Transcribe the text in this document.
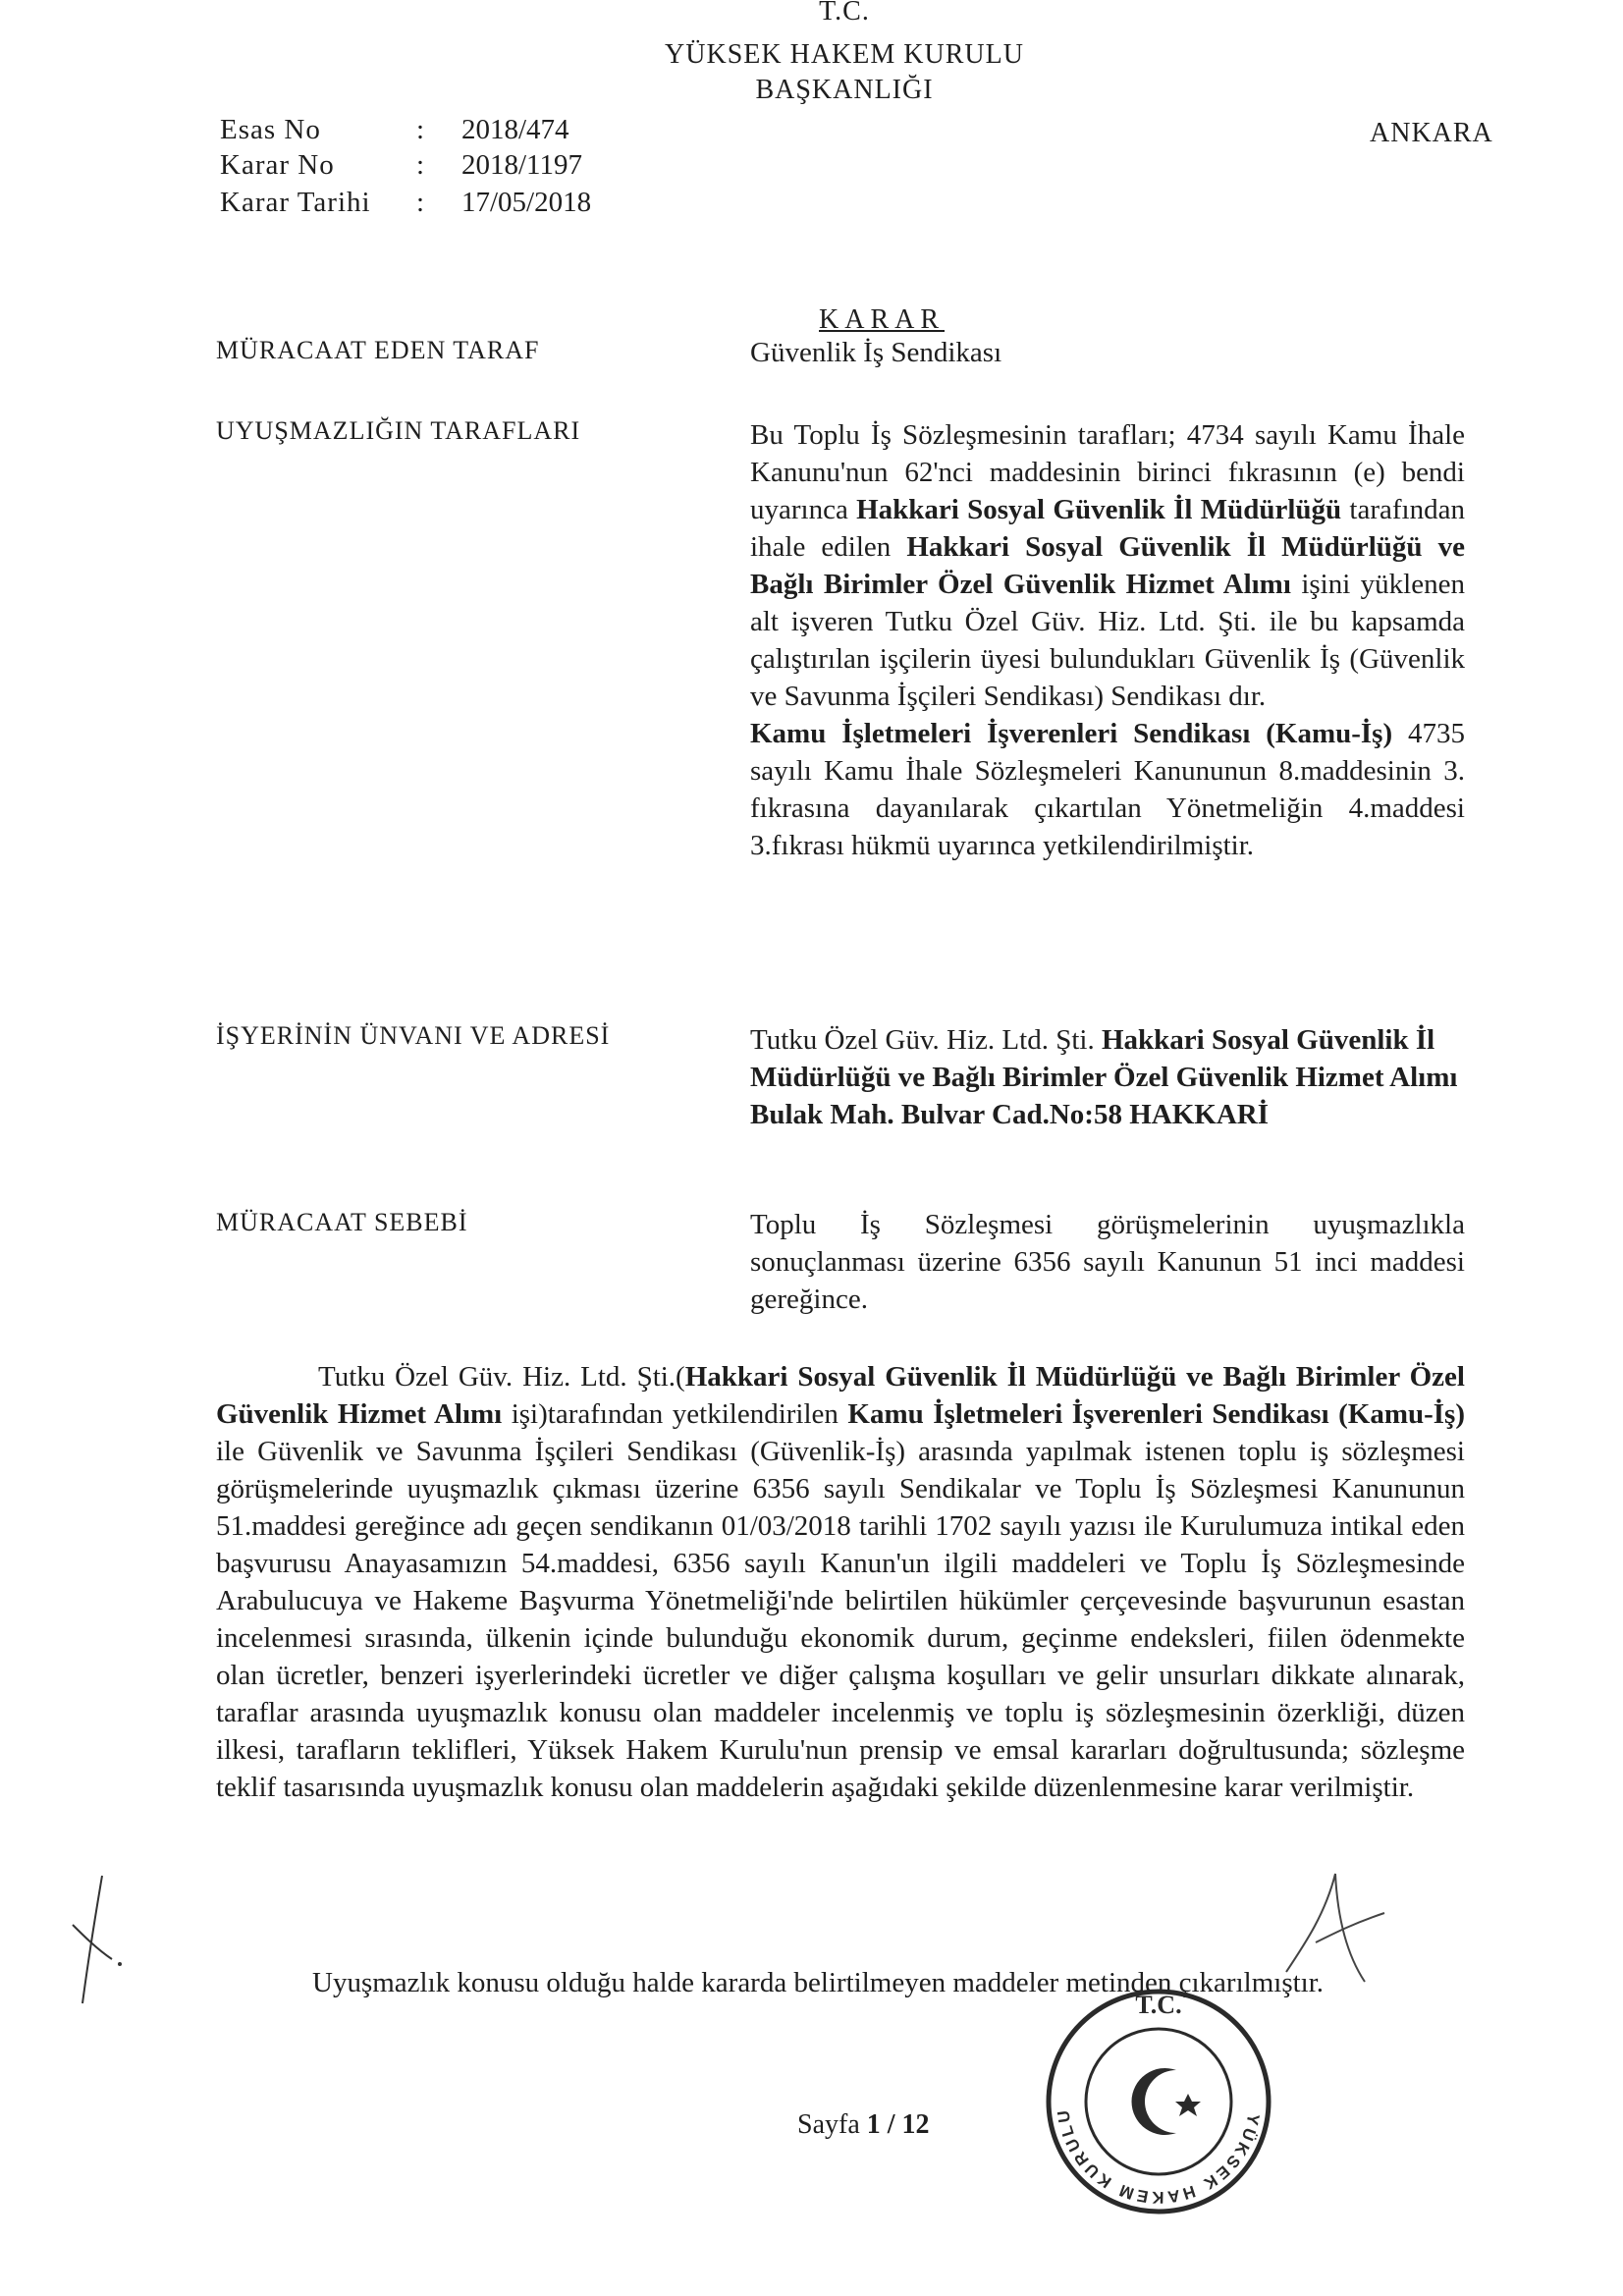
T.C.
YÜKSEK HAKEM KURULU
BAŞKANLIĞI
ANKARA
Esas No	: 2018/474
Karar No	: 2018/1197
Karar Tarihi : 17/05/2018
KARAR
MÜRACAAT EDEN TARAF	Güvenlik İş Sendikası
UYUŞMAZLIĞIN TARAFLARI	Bu Toplu İş Sözleşmesinin tarafları; 4734 sayılı Kamu İhale Kanunu'nun 62'nci maddesinin birinci fıkrasının (e) bendi uyarınca Hakkari Sosyal Güvenlik İl Müdürlüğü tarafından ihale edilen Hakkari Sosyal Güvenlik İl Müdürlüğü ve Bağlı Birimler Özel Güvenlik Hizmet Alımı işini yüklenen alt işveren Tutku Özel Güv. Hiz. Ltd. Şti. ile bu kapsamda çalıştırılan işçilerin üyesi bulundukları Güvenlik İş (Güvenlik ve Savunma İşçileri Sendikası) Sendikası dır.

Kamu İşletmeleri İşverenleri Sendikası (Kamu-İş) 4735 sayılı Kamu İhale Sözleşmeleri Kanununun 8.maddesinin 3. fıkrasına dayanılarak çıkartılan Yönetmeliğin 4.maddesi 3.fıkrası hükmü uyarınca yetkilendirilmiştir.

İŞYERİNİN ÜNVANI VE ADRESİ	Tutku Özel Güv. Hiz. Ltd. Şti. Hakkari Sosyal Güvenlik İl Müdürlüğü ve Bağlı Birimler Özel Güvenlik Hizmet Alımı

Bulak Mah. Bulvar Cad.No:58 HAKKARİ

MÜRACAAT SEBEBİ	Toplu İş Sözleşmesi görüşmelerinin uyuşmazlıkla sonuçlanması üzerine 6356 sayılı Kanunun 51 inci maddesi gereğince.
Tutku Özel Güv. Hiz. Ltd. Şti.(Hakkari Sosyal Güvenlik İl Müdürlüğü ve Bağlı Birimler Özel Güvenlik Hizmet Alımı işi)tarafından yetkilendirilen Kamu İşletmeleri İşverenleri Sendikası (Kamu-İş) ile Güvenlik ve Savunma İşçileri Sendikası (Güvenlik-İş) arasında yapılmak istenen toplu iş sözleşmesi görüşmelerinde uyuşmazlık çıkması üzerine 6356 sayılı Sendikalar ve Toplu İş Sözleşmesi Kanununun 51.maddesi gereğince adı geçen sendikanın 01/03/2018 tarihli 1702 sayılı yazısı ile Kurulumuza intikal eden başvurusu Anayasamızın 54.maddesi, 6356 sayılı Kanun'un ilgili maddeleri ve Toplu İş Sözleşmesinde Arabulucuya ve Hakeme Başvurma Yönetmeliği'nde belirtilen hükümler çerçevesinde başvurunun esastan incelenmesi sırasında, ülkenin içinde bulunduğu ekonomik durum, geçinme endeksleri, fiilen ödenmekte olan ücretler, benzeri işyerlerindeki ücretler ve diğer çalışma koşulları ve gelir unsurları dikkate alınarak, taraflar arasında uyuşmazlık konusu olan maddeler incelenmiş ve toplu iş sözleşmesinin özerkliği, düzen ilkesi, tarafların teklifleri, Yüksek Hakem Kurulu'nun prensip ve emsal kararları doğrultusunda; sözleşme teklif tasarısında uyuşmazlık konusu olan maddelerin aşağıdaki şekilde düzenlenmesine karar verilmiştir.
Uyuşmazlık konusu olduğu halde kararda belirtilmeyen maddeler metinden çıkarılmıştır.
Sayfa 1 / 12
T.C.
YÜKSEK HAKEM KURULU
